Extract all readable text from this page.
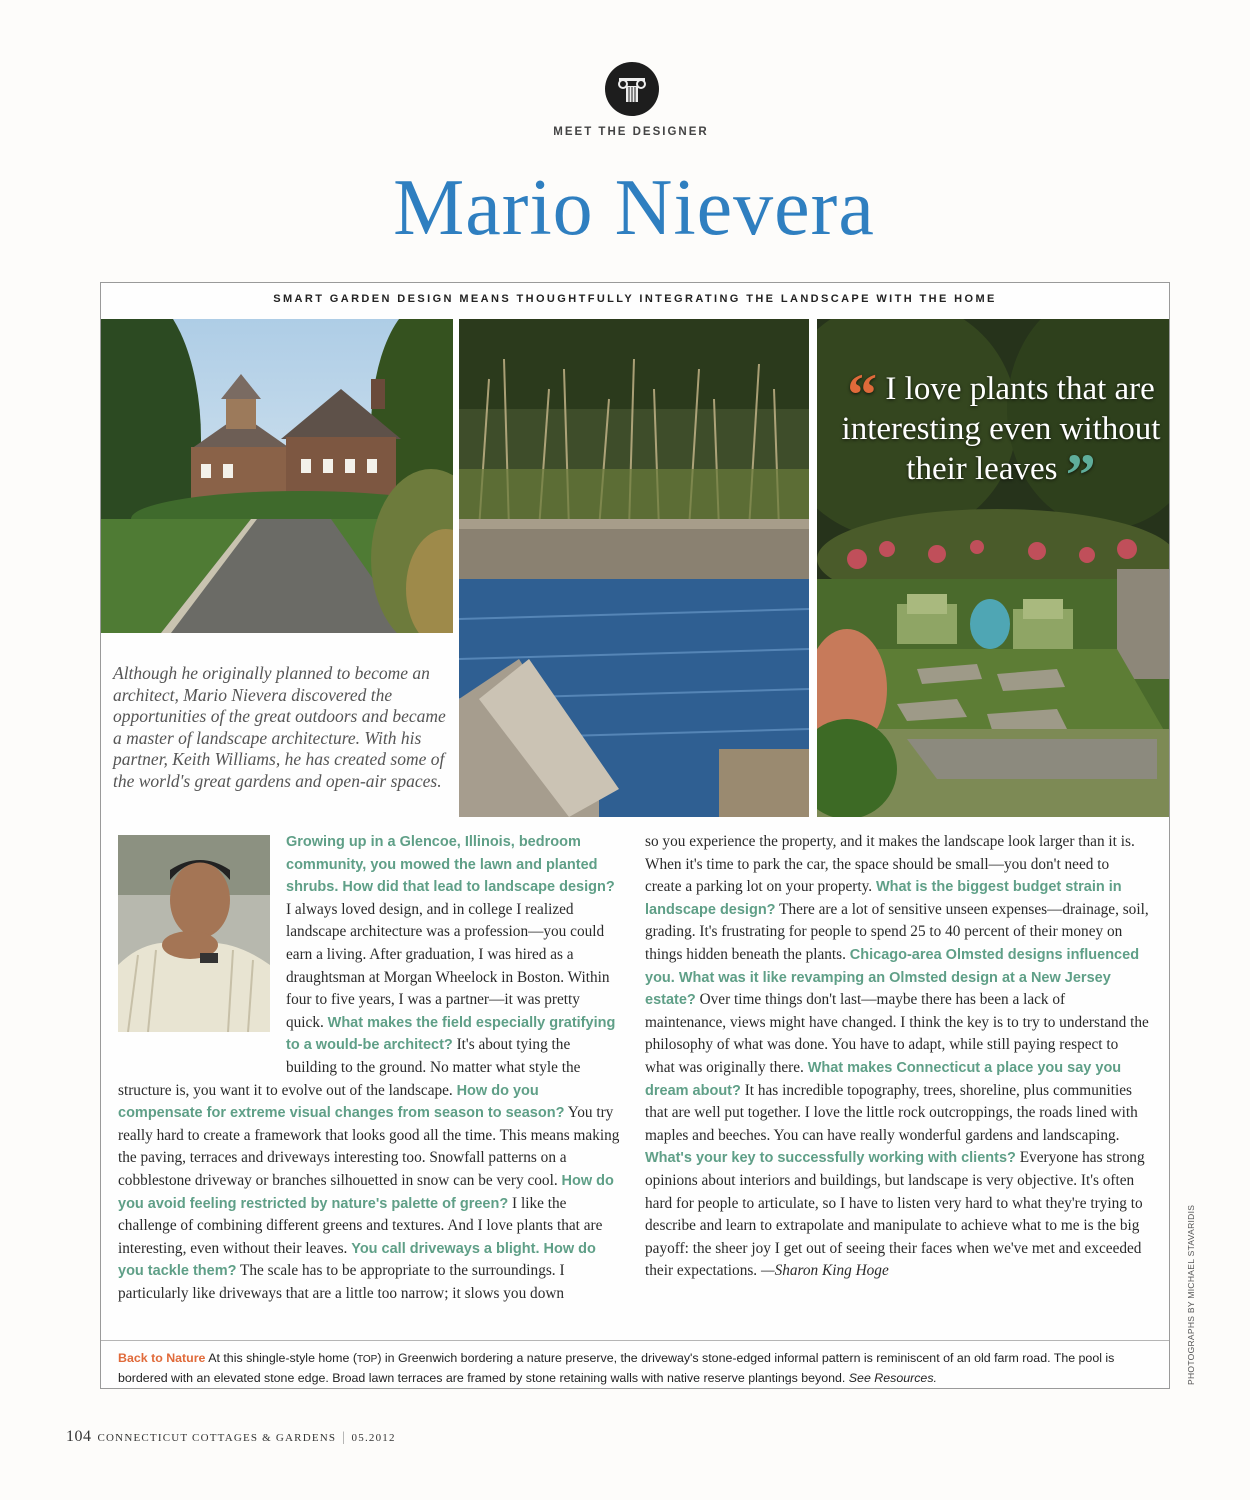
MEET THE DESIGNER
Mario Nievera
SMART GARDEN DESIGN MEANS THOUGHTFULLY INTEGRATING THE LANDSCAPE WITH THE HOME
Although he originally planned to become an architect, Mario Nievera discovered the opportunities of the great outdoors and became a master of landscape architecture. With his partner, Keith Williams, he has created some of the world's great gardens and open-air spaces.
“ I love plants that are interesting even without their leaves ”
Growing up in a Glencoe, Illinois, bedroom community, you mowed the lawn and planted shrubs. How did that lead to landscape design? I always loved design, and in college I realized landscape architecture was a profession—you could earn a living. After graduation, I was hired as a draughtsman at Morgan Wheelock in Boston. Within four to five years, I was a partner—it was pretty quick. What makes the field especially gratifying to a would-be architect? It's about tying the building to the ground. No matter what style the structure is, you want it to evolve out of the landscape. How do you compensate for extreme visual changes from season to season? You try really hard to create a framework that looks good all the time. This means making the paving, terraces and driveways interesting too. Snowfall patterns on a cobblestone driveway or branches silhouetted in snow can be very cool. How do you avoid feeling restricted by nature's palette of green? I like the challenge of combining different greens and textures. And I love plants that are interesting, even without their leaves. You call driveways a blight. How do you tackle them? The scale has to be appropriate to the surroundings. I particularly like driveways that are a little too narrow; it slows you down
so you experience the property, and it makes the landscape look larger than it is. When it's time to park the car, the space should be small—you don't need to create a parking lot on your property. What is the biggest budget strain in landscape design? There are a lot of sensitive unseen expenses—drainage, soil, grading. It's frustrating for people to spend 25 to 40 percent of their money on things hidden beneath the plants. Chicago-area Olmsted designs influenced you. What was it like revamping an Olmsted design at a New Jersey estate? Over time things don't last—maybe there has been a lack of maintenance, views might have changed. I think the key is to try to understand the philosophy of what was done. You have to adapt, while still paying respect to what was originally there. What makes Connecticut a place you say you dream about? It has incredible topography, trees, shoreline, plus communities that are well put together. I love the little rock outcroppings, the roads lined with maples and beeches. You can have really wonderful gardens and landscaping. What's your key to successfully working with clients? Everyone has strong opinions about interiors and buildings, but landscape is very objective. It's often hard for people to articulate, so I have to listen very hard to what they're trying to describe and learn to extrapolate and manipulate to achieve what to me is the big payoff: the sheer joy I get out of seeing their faces when we've met and exceeded their expectations. —Sharon King Hoge
Back to Nature At this shingle-style home (TOP) in Greenwich bordering a nature preserve, the driveway's stone-edged informal pattern is reminiscent of an old farm road. The pool is bordered with an elevated stone edge. Broad lawn terraces are framed by stone retaining walls with native reserve plantings beyond. See Resources.	PHOTOGRAPHS BY MICHAEL STAVARIDIS
104 CONNECTICUT COTTAGES & GARDENS | 05.2012
